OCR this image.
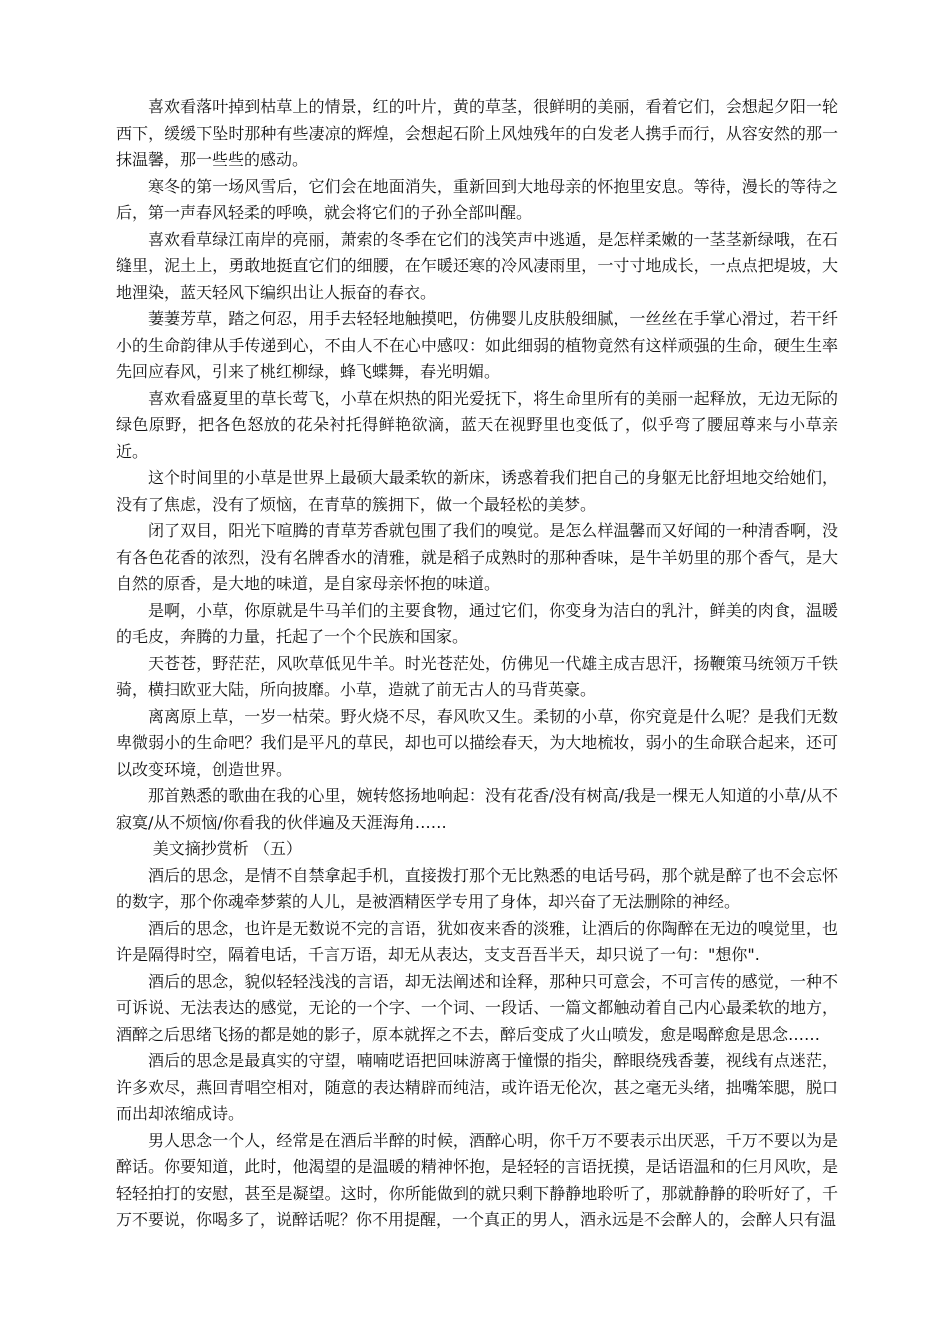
喜欢看落叶掉到枯草上的情景，红的叶片，黄的草茎，很鲜明的美丽，看着它们，会想起夕阳一轮西下，缓缓下坠时那种有些凄凉的辉煌，会想起石阶上风烛残年的白发老人携手而行，从容安然的那一抹温馨，那一些些的感动。

寒冬的第一场风雪后，它们会在地面消失，重新回到大地母亲的怀抱里安息。等待，漫长的等待之后，第一声春风轻柔的呼唤，就会将它们的子孙全部叫醒。

喜欢看草绿江南岸的亮丽，萧索的冬季在它们的浅笑声中逃遁，是怎样柔嫩的一茎茎新绿哦，在石缝里，泥土上，勇敢地挺直它们的细腰，在乍暖还寒的冷风凄雨里，一寸寸地成长，一点点把堤坡，大地浬染，蓝天轻风下编织出让人振奋的春衣。

萋萋芳草，踏之何忍，用手去轻轻地触摸吧，仿佛婴儿皮肤般细腻，一丝丝在手掌心滑过，若干纤小的生命韵律从手传递到心，不由人不在心中感叹：如此细弱的植物竟然有这样顽强的生命，硬生生率先回应春风，引来了桃红柳绿，蜂飞蝶舞，春光明媚。

喜欢看盛夏里的草长莺飞，小草在炽热的阳光爱抚下，将生命里所有的美丽一起释放，无边无际的绿色原野，把各色怒放的花朵衬托得鲜艳欲滴，蓝天在视野里也变低了，似乎弯了腰屈尊来与小草亲近。

这个时间里的小草是世界上最硕大最柔软的新床，诱惑着我们把自己的身躯无比舒坦地交给她们，没有了焦虑，没有了烦恼，在青草的簇拥下，做一个最轻松的美梦。

闭了双目，阳光下喧腾的青草芳香就包围了我们的嗅觉。是怎么样温馨而又好闻的一种清香啊，没有各色花香的浓烈，没有名牌香水的清雅，就是稻子成熟时的那种香味，是牛羊奶里的那个香气，是大自然的原香，是大地的味道，是自家母亲怀抱的味道。

是啊，小草，你原就是牛马羊们的主要食物，通过它们，你变身为洁白的乳汁，鲜美的肉食，温暖的毛皮，奔腾的力量，托起了一个个民族和国家。

天苍苍，野茫茫，风吹草低见牛羊。时光苍茫处，仿佛见一代雄主成吉思汗，扬鞭策马统领万千铁骑，横扫欧亚大陆，所向披靡。小草，造就了前无古人的马背英豪。

离离原上草，一岁一枯荣。野火烧不尽，春风吹又生。柔韧的小草，你究竟是什么呢？是我们无数卑微弱小的生命吧？我们是平凡的草民，却也可以描绘春天，为大地梳妆，弱小的生命联合起来，还可以改变环境，创造世界。

那首熟悉的歌曲在我的心里，婉转悠扬地响起：没有花香/没有树高/我是一棵无人知道的小草/从不寂寞/从不烦恼/你看我的伙伴遍及天涯海角……

美文摘抄赏析 （五）

酒后的思念，是情不自禁拿起手机，直接拨打那个无比熟悉的电话号码，那个就是醉了也不会忘怀的数字，那个你魂牵梦萦的人儿，是被酒精医学专用了身体，却兴奋了无法删除的神经。

酒后的思念，也许是无数说不完的言语，犹如夜来香的淡雅，让酒后的你陶醉在无边的嗅觉里，也许是隔得时空，隔着电话，千言万语，却无从表达，支支吾吾半天，却只说了一句："想你".

酒后的思念，貌似轻轻浅浅的言语，却无法阐述和诠释，那种只可意会，不可言传的感觉，一种不可诉说、无法表达的感觉，无论的一个字、一个词、一段话、一篇文都触动着自己内心最柔软的地方，酒醉之后思绪飞扬的都是她的影子，原本就挥之不去，醉后变成了火山喷发，愈是喝醉愈是思念……

酒后的思念是最真实的守望，喃喃呓语把回味游离于憧憬的指尖，醉眼绕残香萋，视线有点迷茫，许多欢尽，燕回青唱空相对，随意的表达精辟而纯洁，或许语无伦次，甚之毫无头绪，拙嘴笨腮，脱口而出却浓缩成诗。

男人思念一个人，经常是在酒后半醉的时候，酒醉心明，你千万不要表示出厌恶，千万不要以为是醉话。你要知道，此时，他渴望的是温暖的精神怀抱，是轻轻的言语抚摸，是话语温和的仨月风吹，是轻轻拍打的安慰，甚至是凝望。这时，你所能做到的就只剩下静静地聆听了，那就静静的聆听好了，千万不要说，你喝多了，说醉话呢？你不用提醒，一个真正的男人，酒永远是不会醉人的，会醉人只有温
